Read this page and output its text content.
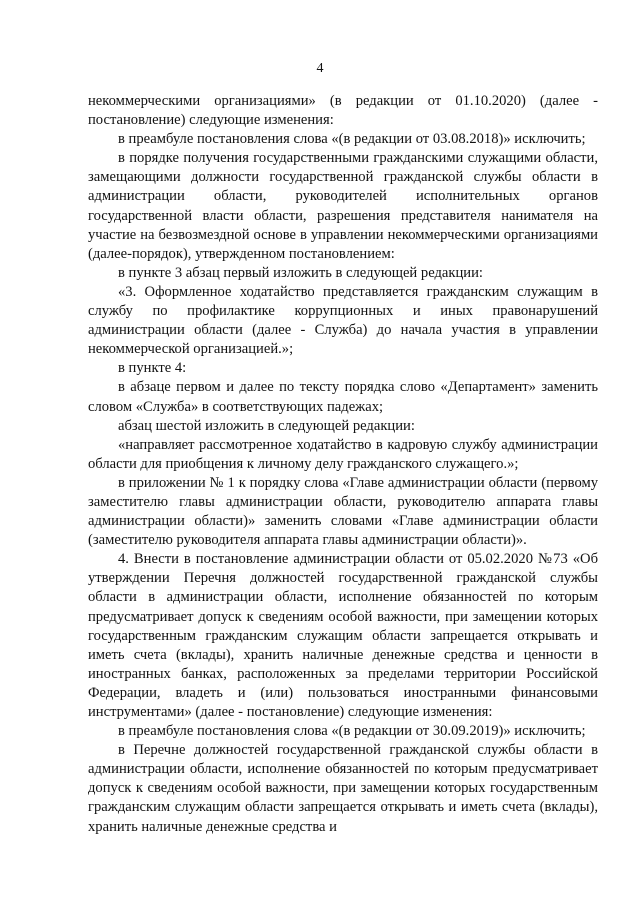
4

некоммерческими организациями» (в редакции от 01.10.2020) (далее - постановление) следующие изменения:

в преамбуле постановления слова «(в редакции от 03.08.2018)» исключить;

в порядке получения государственными гражданскими служащими области, замещающими должности государственной гражданской службы области в администрации области, руководителей исполнительных органов государственной власти области, разрешения представителя нанимателя на участие на безвозмездной основе в управлении некоммерческими организациями (далее-порядок), утвержденном постановлением:

в пункте 3 абзац первый изложить в следующей редакции:

«3. Оформленное ходатайство представляется гражданским служащим в службу по профилактике коррупционных и иных правонарушений администрации области (далее - Служба) до начала участия в управлении некоммерческой организацией.»;

в пункте 4:

в абзаце первом и далее по тексту порядка слово «Департамент» заменить словом «Служба» в соответствующих падежах;

абзац шестой изложить в следующей редакции:

«направляет рассмотренное ходатайство в кадровую службу администрации области для приобщения к личному делу гражданского служащего.»;

в приложении № 1 к порядку слова «Главе администрации области (первому заместителю главы администрации области, руководителю аппарата главы администрации области)» заменить словами «Главе администрации области (заместителю руководителя аппарата главы администрации области)».

4. Внести в постановление администрации области от 05.02.2020 №73 «Об утверждении Перечня должностей государственной гражданской службы области в администрации области, исполнение обязанностей по которым предусматривает допуск к сведениям особой важности, при замещении которых государственным гражданским служащим области запрещается открывать и иметь счета (вклады), хранить наличные денежные средства и ценности в иностранных банках, расположенных за пределами территории Российской Федерации, владеть и (или) пользоваться иностранными финансовыми инструментами» (далее - постановление) следующие изменения:

в преамбуле постановления слова «(в редакции от 30.09.2019)» исключить;

в Перечне должностей государственной гражданской службы области в администрации области, исполнение обязанностей по которым предусматривает допуск к сведениям особой важности, при замещении которых государственным гражданским служащим области запрещается открывать и иметь счета (вклады), хранить наличные денежные средства и
